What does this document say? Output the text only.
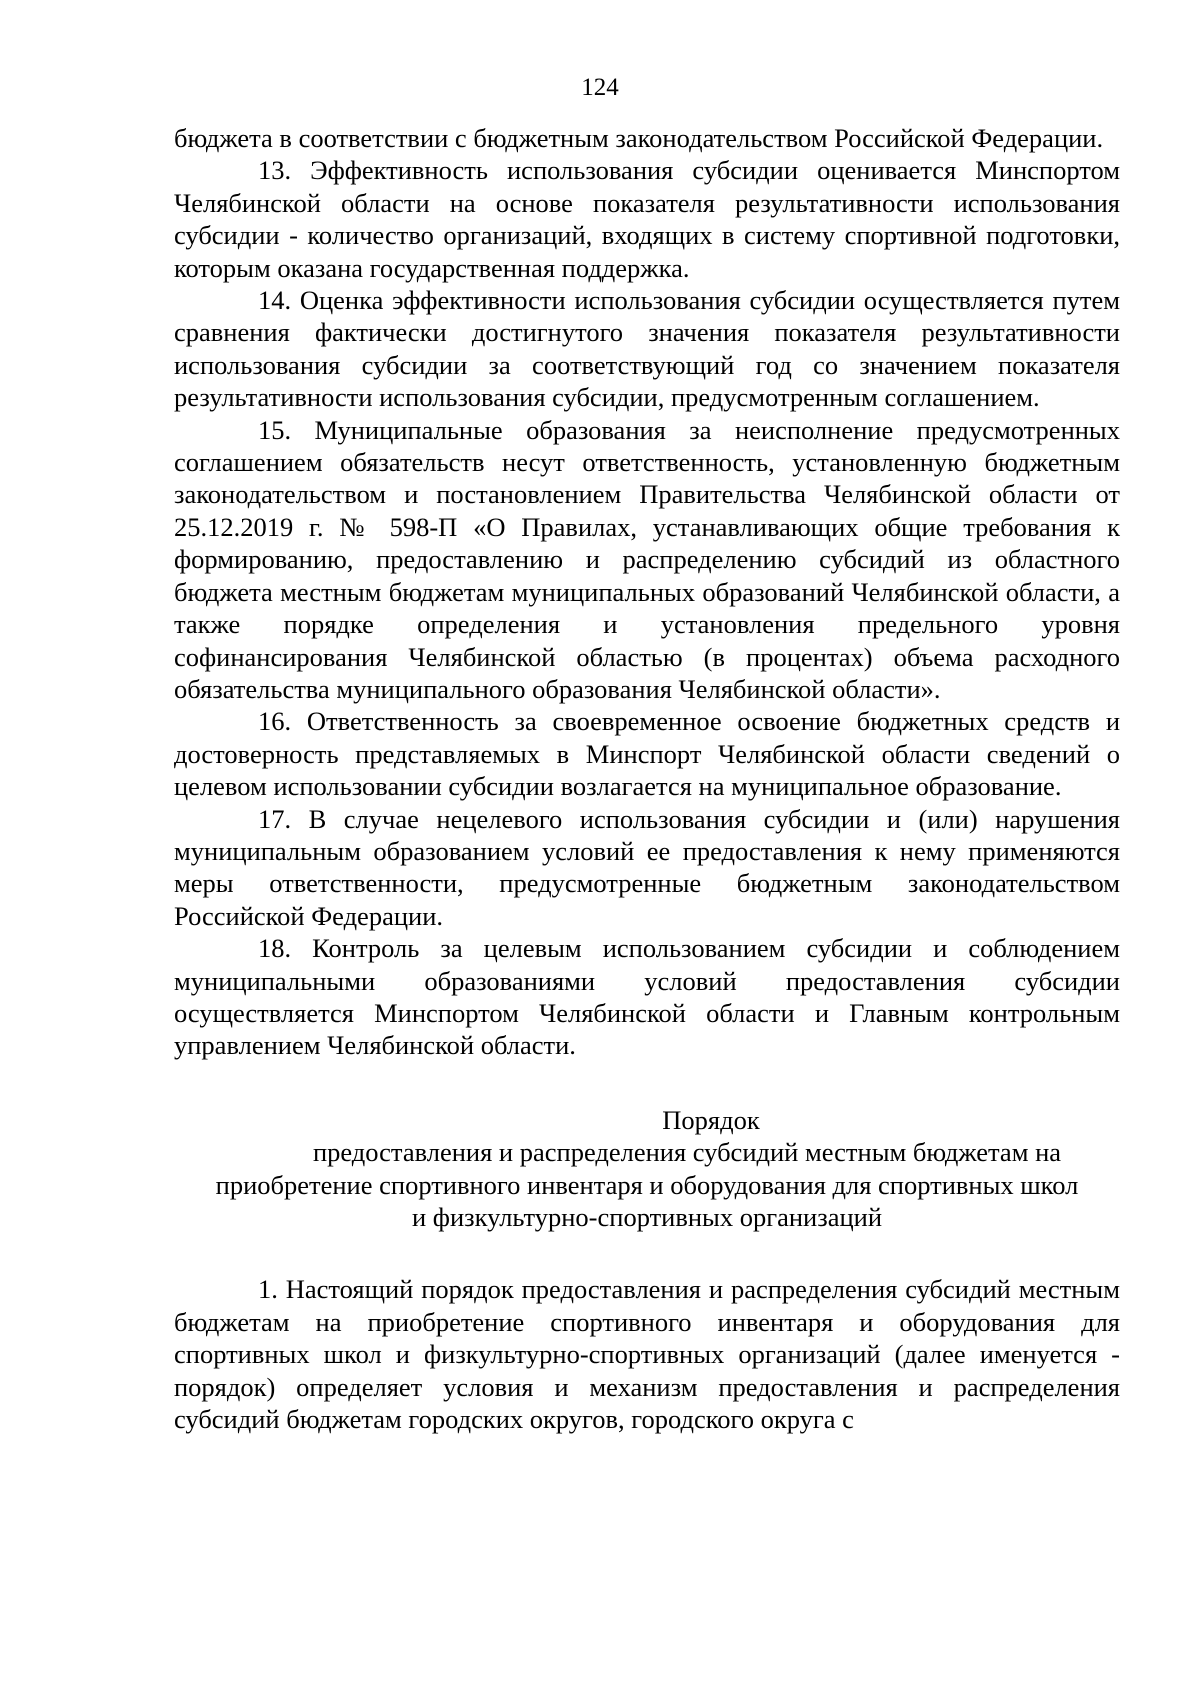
124

бюджета в соответствии с бюджетным законодательством Российской Федерации.

13. Эффективность использования субсидии оценивается Минспортом Челябинской области на основе показателя результативности использования субсидии - количество организаций, входящих в систему спортивной подготовки, которым оказана государственная поддержка.

14. Оценка эффективности использования субсидии осуществляется путем сравнения фактически достигнутого значения показателя результативности использования субсидии за соответствующий год со значением показателя результативности использования субсидии, предусмотренным соглашением.

15. Муниципальные образования за неисполнение предусмотренных соглашением обязательств несут ответственность, установленную бюджетным законодательством и постановлением Правительства Челябинской области от 25.12.2019 г. № 598-П «О Правилах, устанавливающих общие требования к формированию, предоставлению и распределению субсидий из областного бюджета местным бюджетам муниципальных образований Челябинской области, а также порядке определения и установления предельного уровня софинансирования Челябинской областью (в процентах) объема расходного обязательства муниципального образования Челябинской области».

16. Ответственность за своевременное освоение бюджетных средств и достоверность представляемых в Минспорт Челябинской области сведений о целевом использовании субсидии возлагается на муниципальное образование.

17. В случае нецелевого использования субсидии и (или) нарушения муниципальным образованием условий ее предоставления к нему применяются меры ответственности, предусмотренные бюджетным законодательством Российской Федерации.

18. Контроль за целевым использованием субсидии и соблюдением муниципальными образованиями условий предоставления субсидии осуществляется Минспортом Челябинской области и Главным контрольным управлением Челябинской области.

Порядок

предоставления и распределения субсидий местным бюджетам на

приобретение спортивного инвентаря и оборудования для спортивных школ

и физкультурно-спортивных организаций

1. Настоящий порядок предоставления и распределения субсидий местным бюджетам на приобретение спортивного инвентаря и оборудования для спортивных школ и физкультурно-спортивных организаций (далее именуется - порядок) определяет условия и механизм предоставления и распределения субсидий бюджетам городских округов, городского округа с
